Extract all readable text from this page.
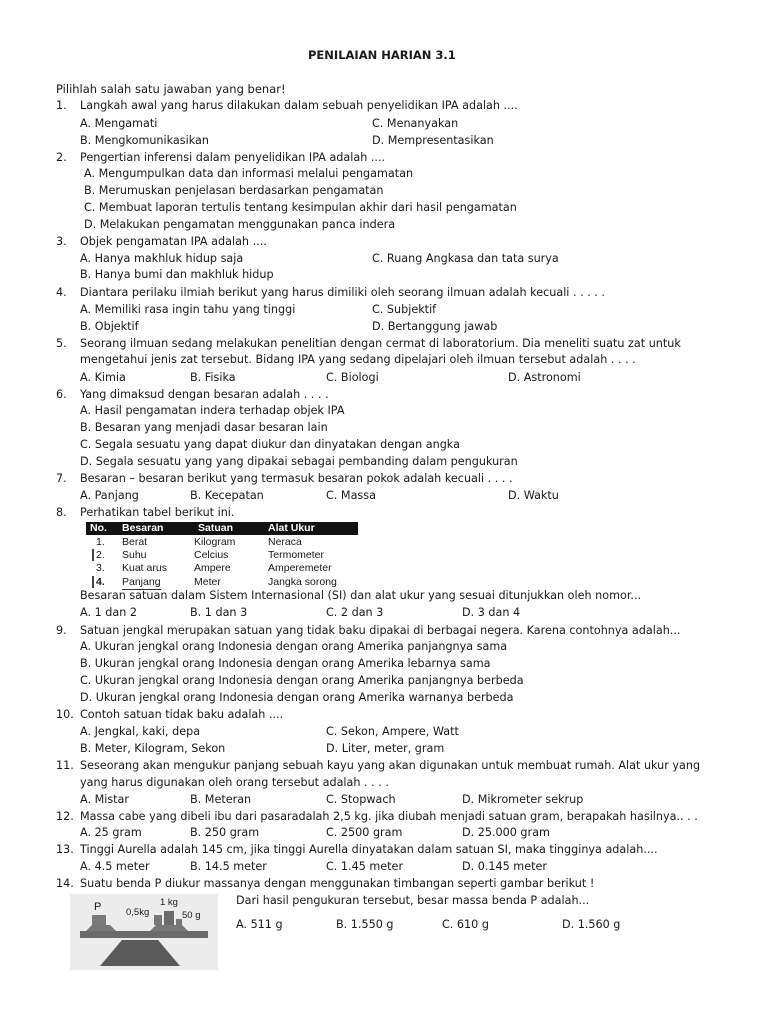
PENILAIAN HARIAN 3.1
Pilihlah salah satu jawaban yang benar!
1. Langkah awal yang harus dilakukan dalam sebuah penyelidikan IPA adalah ....
A. Mengamati	C. Menanyakan
B. Mengkomunikasikan	D. Mempresentasikan
2. Pengertian inferensi dalam penyelidikan IPA adalah ....
A. Mengumpulkan data dan informasi melalui pengamatan
B. Merumuskan penjelasan berdasarkan pengamatan
C. Membuat laporan tertulis tentang kesimpulan akhir dari hasil pengamatan
D. Melakukan pengamatan menggunakan panca indera
3. Objek pengamatan IPA adalah ....
A. Hanya makhluk hidup saja	C. Ruang Angkasa dan tata surya
B. Hanya bumi dan makhluk hidup
4. Diantara perilaku ilmiah berikut yang harus dimiliki oleh seorang ilmuan adalah kecuali . . . . .
A. Memiliki rasa ingin tahu yang tinggi	C. Subjektif
B. Objektif	D. Bertanggung jawab
5. Seorang ilmuan sedang melakukan penelitian dengan cermat di laboratorium. Dia meneliti suatu zat untuk
mengetahui jenis zat tersebut. Bidang IPA yang sedang dipelajari oleh ilmuan tersebut adalah . . . .
A. Kimia	B. Fisika	C. Biologi	D. Astronomi
6. Yang dimaksud dengan besaran adalah . . . .
A. Hasil pengamatan indera terhadap objek IPA
B. Besaran yang menjadi dasar besaran lain
C. Segala sesuatu yang dapat diukur dan dinyatakan dengan angka
D. Segala sesuatu yang yang dipakai sebagai pembanding dalam pengukuran
7. Besaran – besaran berikut yang termasuk besaran pokok adalah kecuali . . . .
A. Panjang	B. Kecepatan	C. Massa	D. Waktu
8. Perhatikan tabel berikut ini.
No. Besaran	Satuan	Alat Ukur
1. Berat	Kilogram	Neraca
2. Suhu	Celcius	Termometer
3. Kuat arus	Ampere	Amperemeter
4. Panjang	Meter	Jangka sorong
Besaran satuan dalam Sistem Internasional (SI) dan alat ukur yang sesuai ditunjukkan oleh nomor...
A. 1 dan 2	B. 1 dan 3	C. 2 dan 3	D. 3 dan 4
9. Satuan jengkal merupakan satuan yang tidak baku dipakai di berbagai negera. Karena contohnya adalah...
A. Ukuran jengkal orang Indonesia dengan orang Amerika panjangnya sama
B. Ukuran jengkal orang Indonesia dengan orang Amerika lebarnya sama
C. Ukuran jengkal orang Indonesia dengan orang Amerika panjangnya berbeda
D. Ukuran jengkal orang Indonesia dengan orang Amerika warnanya berbeda
10. Contoh satuan tidak baku adalah ....
A. Jengkal, kaki, depa	C. Sekon, Ampere, Watt
B. Meter, Kilogram, Sekon	D. Liter, meter, gram
11. Seseorang akan mengukur panjang sebuah kayu yang akan digunakan untuk membuat rumah. Alat ukur yang
yang harus digunakan oleh orang tersebut adalah . . . .
A. Mistar	B. Meteran	C. Stopwach	D. Mikrometer sekrup
12. Massa cabe yang dibeli ibu dari pasaradalah 2,5 kg. jika diubah menjadi satuan gram, berapakah hasilnya.. . .
A. 25 gram	B. 250 gram	C. 2500 gram	D. 25.000 gram
13. Tinggi Aurella adalah 145 cm, jika tinggi Aurella dinyatakan dalam satuan SI, maka tingginya adalah....
A. 4.5 meter	B. 14.5 meter	C. 1.45 meter	D. 0.145 meter
14. Suatu benda P diukur massanya dengan menggunakan timbangan seperti gambar berikut !
P	0,5kg
1 kg
50 g
Dari hasil pengukuran tersebut, besar massa benda P adalah...
A. 511 g	B. 1.550 g	C. 610 g	D. 1.560 g
